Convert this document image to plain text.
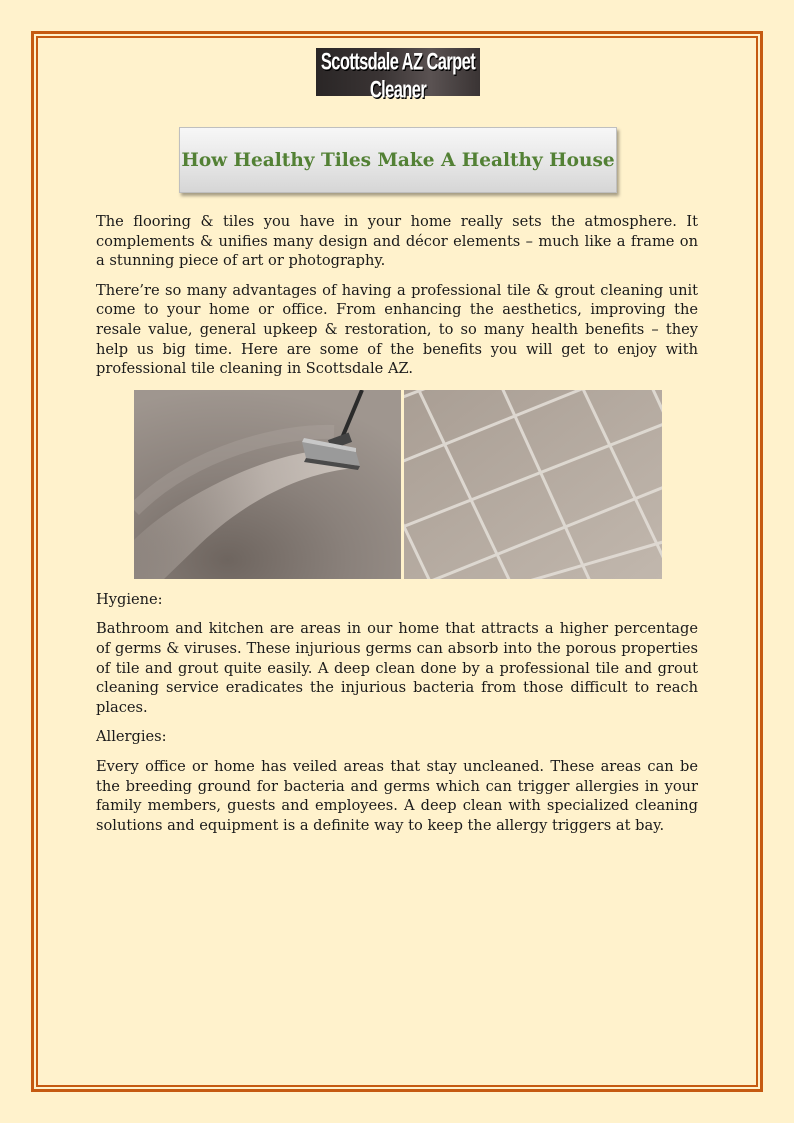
Scottsdale AZ Carpet Cleaner
How Healthy Tiles Make A Healthy House

The flooring & tiles you have in your home really sets the atmosphere. It complements & unifies many design and décor elements – much like a frame on a stunning piece of art or photography.

There’re so many advantages of having a professional tile & grout cleaning unit come to your home or office. From enhancing the aesthetics, improving the resale value, general upkeep & restoration, to so many health benefits – they help us big time. Here are some of the benefits you will get to enjoy with professional tile cleaning in Scottsdale AZ.

Hygiene:

Bathroom and kitchen are areas in our home that attracts a higher percentage of germs & viruses. These injurious germs can absorb into the porous properties of tile and grout quite easily. A deep clean done by a professional tile and grout cleaning service eradicates the injurious bacteria from those difficult to reach places.

Allergies:

Every office or home has veiled areas that stay uncleaned. These areas can be the breeding ground for bacteria and germs which can trigger allergies in your family members, guests and employees. A deep clean with specialized cleaning solutions and equipment is a definite way to keep the allergy triggers at bay.
